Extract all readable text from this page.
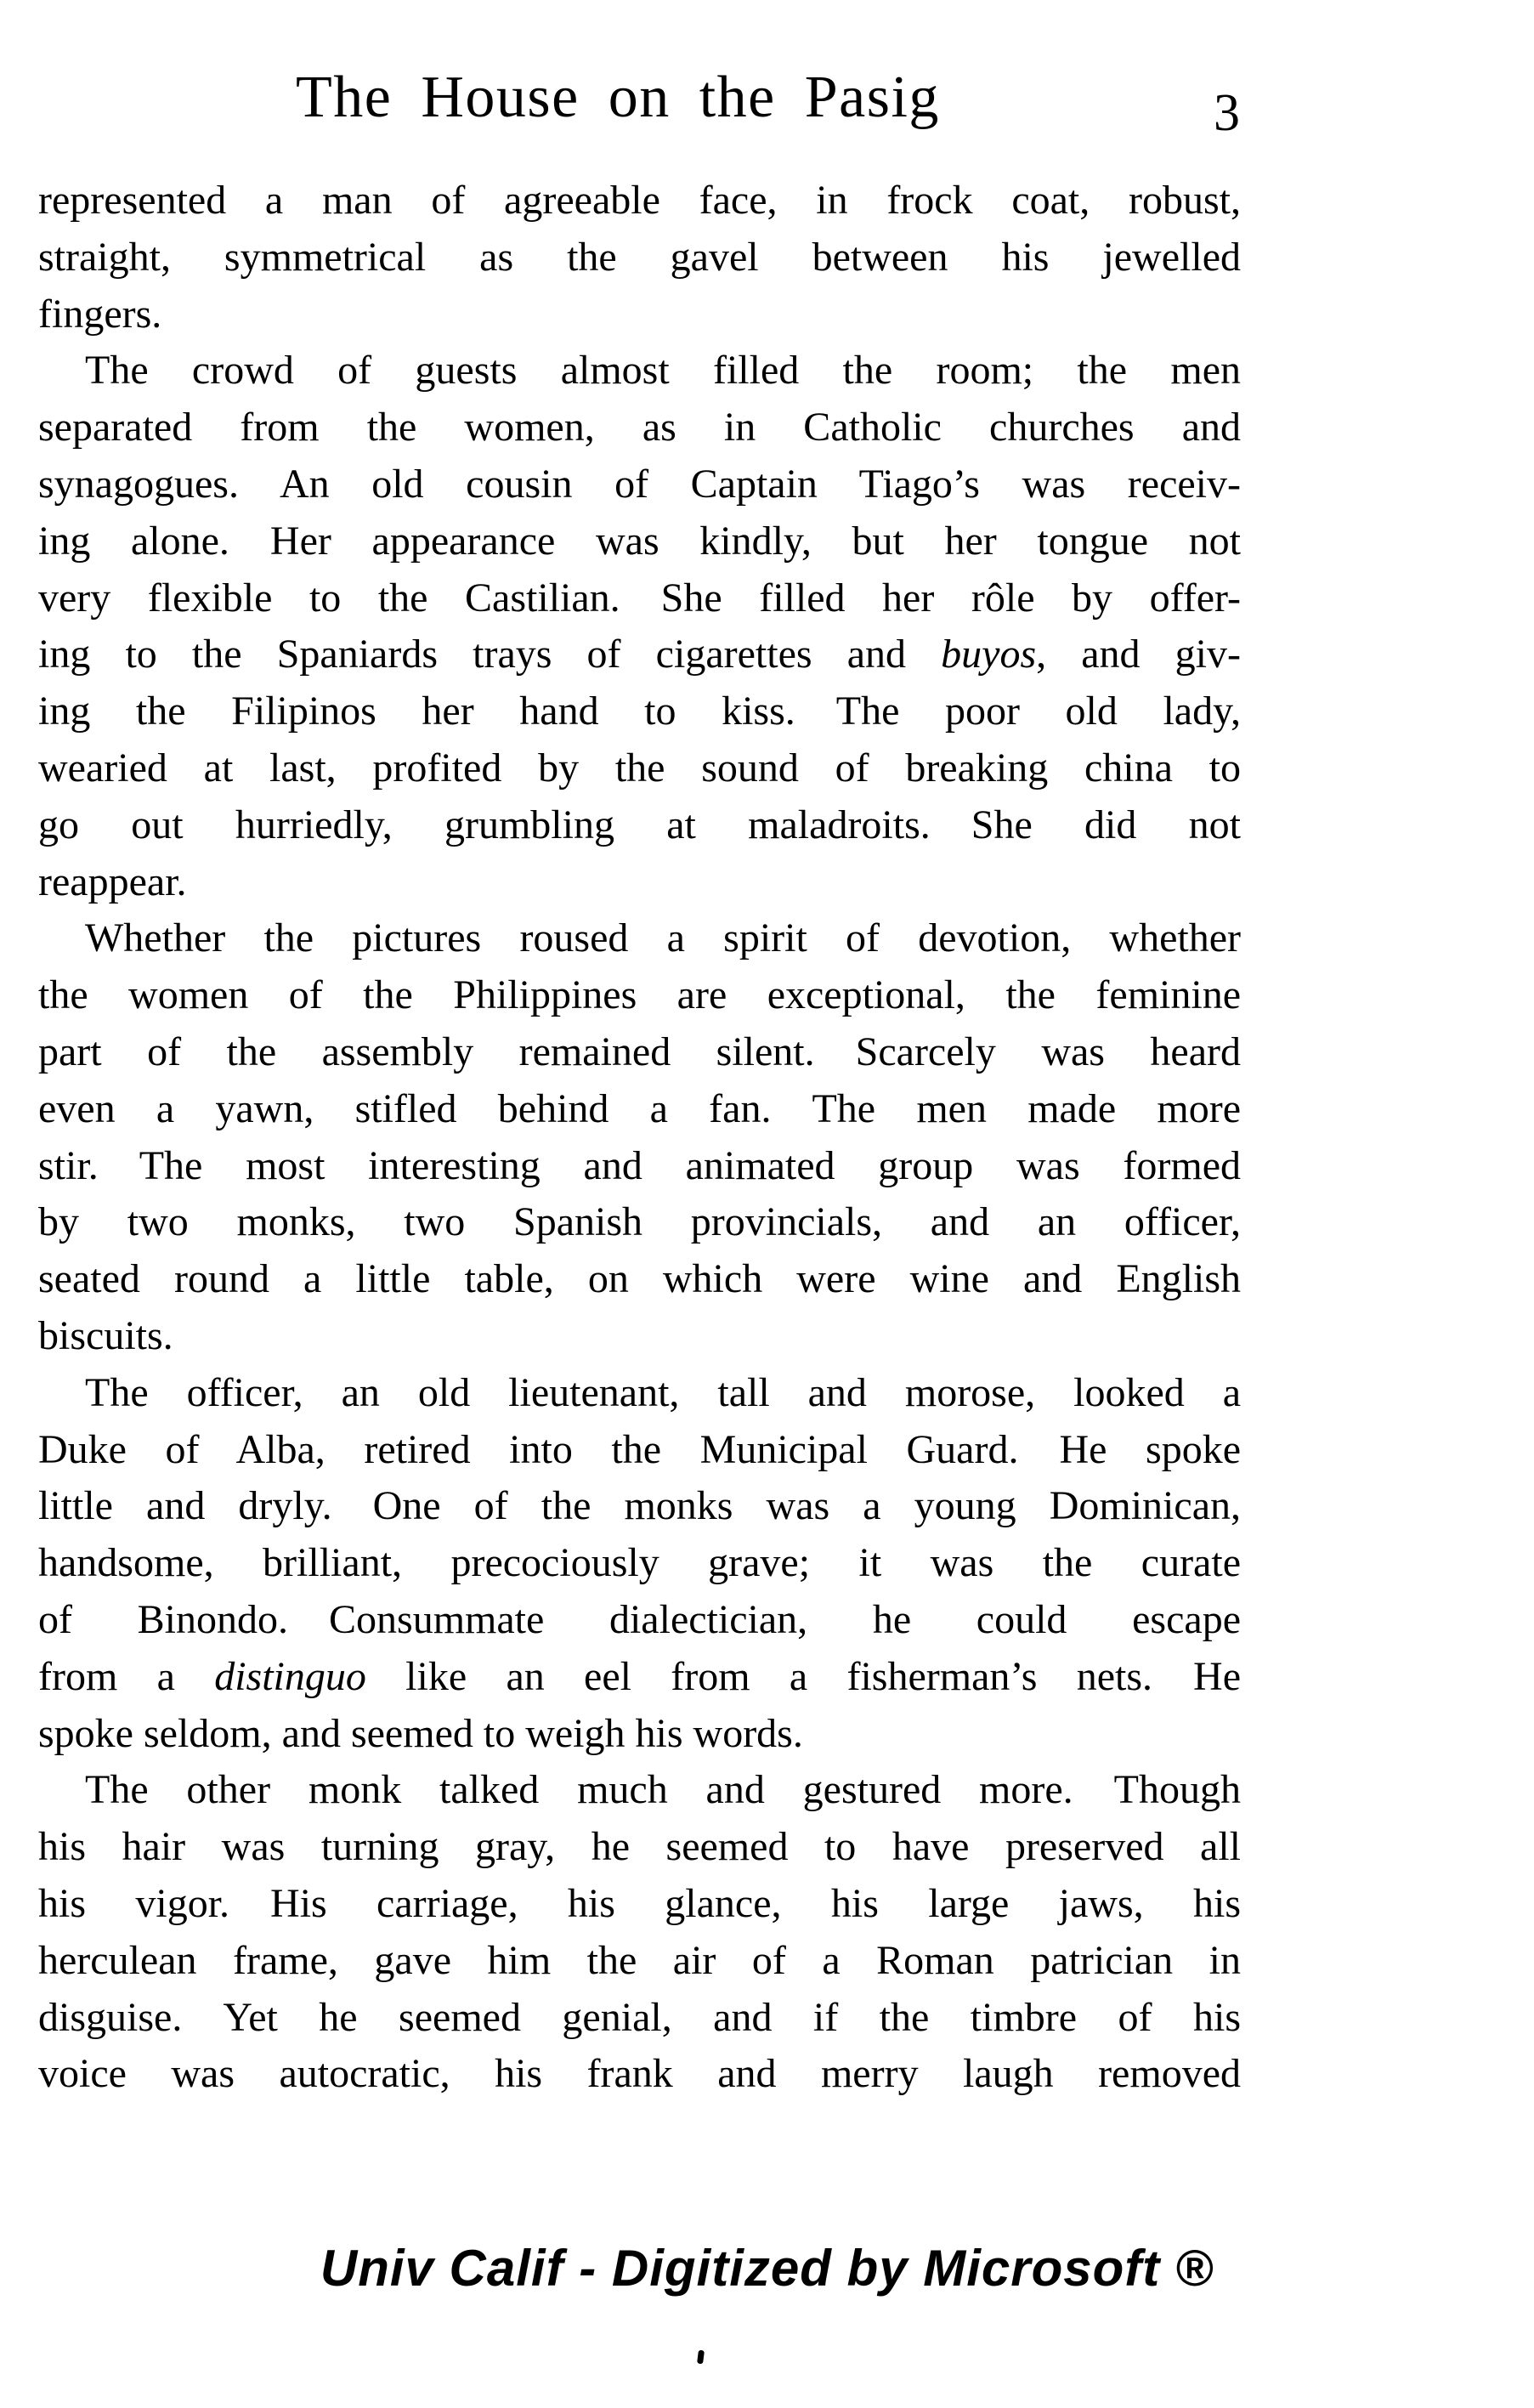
The House on the Pasig	3
represented a man of agreeable face, in frock coat, robust,
straight, symmetrical as the gavel between his jewelled
fingers.
The crowd of guests almost filled the room; the men
separated from the women, as in Catholic churches and
synagogues. An old cousin of Captain Tiago’s was receiv-
ing alone. Her appearance was kindly, but her tongue not
very flexible to the Castilian. She filled her rôle by offer-
ing to the Spaniards trays of cigarettes and buyos, and giv-
ing the Filipinos her hand to kiss. The poor old lady,
wearied at last, profited by the sound of breaking china to
go out hurriedly, grumbling at maladroits. She did not
reappear.
Whether the pictures roused a spirit of devotion, whether
the women of the Philippines are exceptional, the feminine
part of the assembly remained silent. Scarcely was heard
even a yawn, stifled behind a fan. The men made more
stir. The most interesting and animated group was formed
by two monks, two Spanish provincials, and an officer,
seated round a little table, on which were wine and English
biscuits.
The officer, an old lieutenant, tall and morose, looked a
Duke of Alba, retired into the Municipal Guard. He spoke
little and dryly. One of the monks was a young Dominican,
handsome, brilliant, precociously grave; it was the curate
of Binondo. Consummate dialectician, he could escape
from a distinguo like an eel from a fisherman’s nets. He
spoke seldom, and seemed to weigh his words.
The other monk talked much and gestured more. Though
his hair was turning gray, he seemed to have preserved all
his vigor. His carriage, his glance, his large jaws, his
herculean frame, gave him the air of a Roman patrician in
disguise. Yet he seemed genial, and if the timbre of his
voice was autocratic, his frank and merry laugh removed
Univ Calif - Digitized by Microsoft ®
